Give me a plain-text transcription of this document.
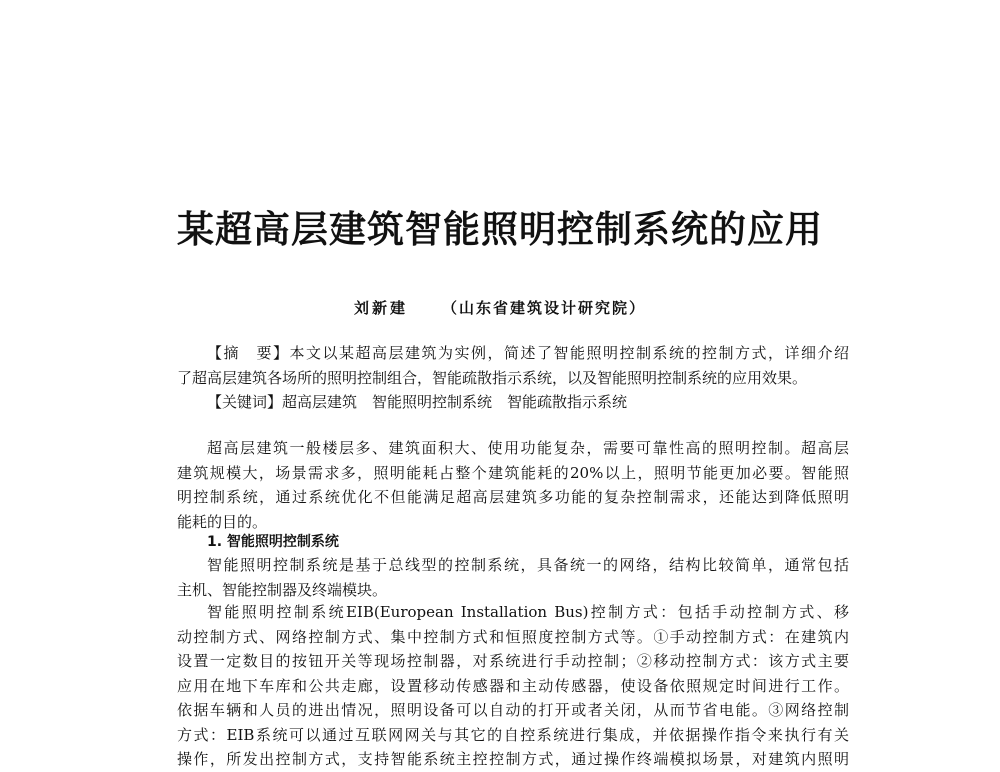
某超高层建筑智能照明控制系统的应用
刘新建 （山东省建筑设计研究院）
【摘　要】本文以某超高层建筑为实例，简述了智能照明控制系统的控制方式，详细介绍
了超高层建筑各场所的照明控制组合，智能疏散指示系统，以及智能照明控制系统的应用效果。
【关键词】超高层建筑　智能照明控制系统　智能疏散指示系统
超高层建筑一般楼层多、建筑面积大、使用功能复杂，需要可靠性高的照明控制。超高层
建筑规模大，场景需求多，照明能耗占整个建筑能耗的20%以上，照明节能更加必要。智能照
明控制系统，通过系统优化不但能满足超高层建筑多功能的复杂控制需求，还能达到降低照明
能耗的目的。
1. 智能照明控制系统
智能照明控制系统是基于总线型的控制系统，具备统一的网络，结构比较简单，通常包括
主机、智能控制器及终端模块。
智能照明控制系统EIB(European Installation Bus)控制方式：包括手动控制方式、移
动控制方式、网络控制方式、集中控制方式和恒照度控制方式等。①手动控制方式：在建筑内
设置一定数目的按钮开关等现场控制器，对系统进行手动控制；②移动控制方式：该方式主要
应用在地下车库和公共走廊，设置移动传感器和主动传感器，使设备依照规定时间进行工作。
依据车辆和人员的进出情况，照明设备可以自动的打开或者关闭，从而节省电能。③网络控制
方式：EIB系统可以通过互联网网关与其它的自控系统进行集成，并依据操作指令来执行有关
操作，所发出控制方式，支持智能系统主控控制方式，通过操作终端模拟场景，对建筑内照明
